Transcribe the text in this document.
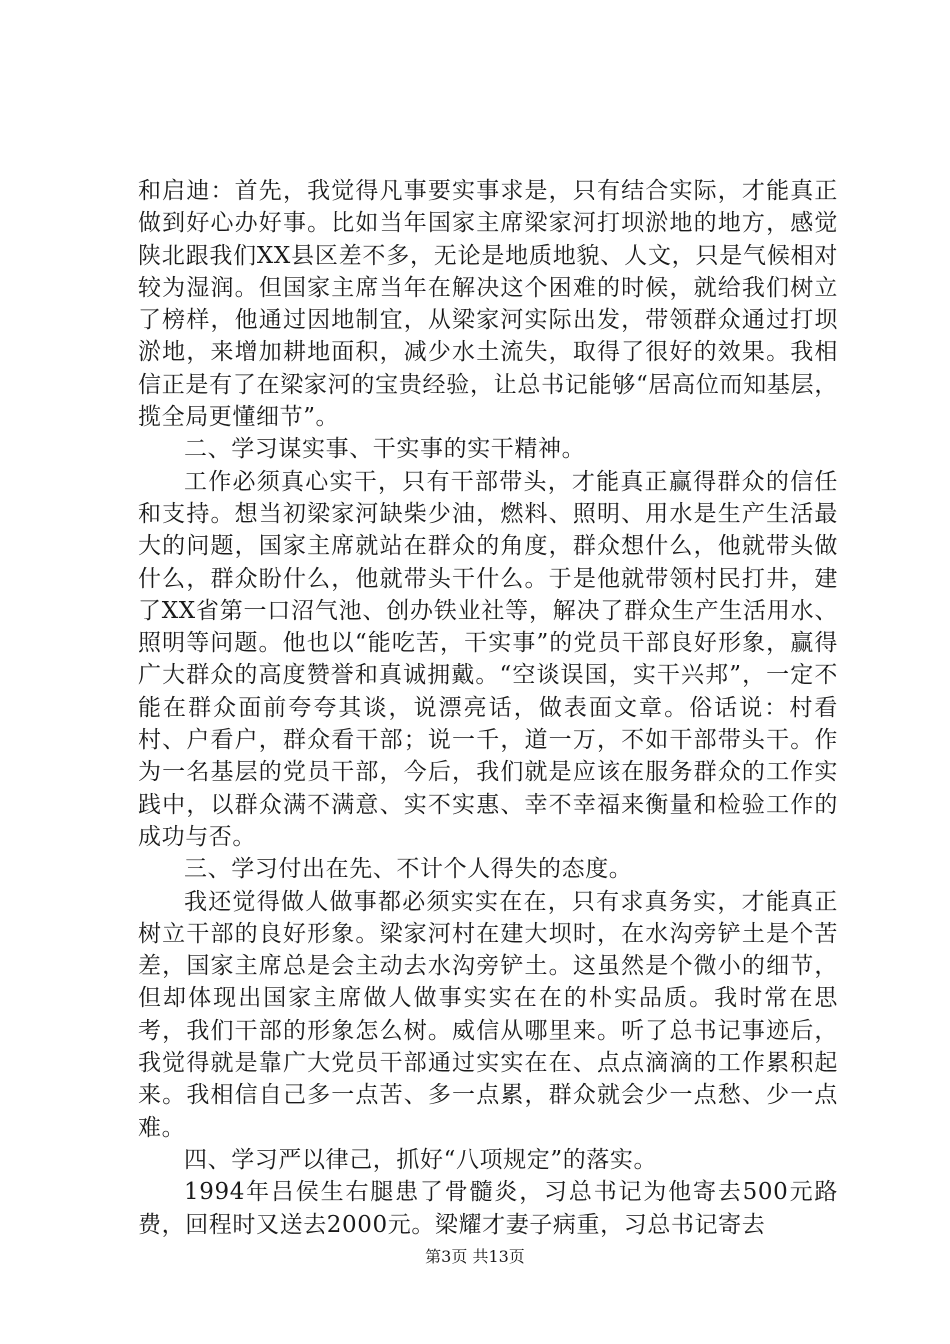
和启迪：首先，我觉得凡事要实事求是，只有结合实际，才能真正做到好心办好事。比如当年国家主席梁家河打坝淤地的地方，感觉陕北跟我们XX县区差不多，无论是地质地貌、人文，只是气候相对较为湿润。但国家主席当年在解决这个困难的时候，就给我们树立了榜样，他通过因地制宜，从梁家河实际出发，带领群众通过打坝淤地，来增加耕地面积，减少水土流失，取得了很好的效果。我相信正是有了在梁家河的宝贵经验，让总书记能够“居高位而知基层，揽全局更懂细节”。

二、学习谋实事、干实事的实干精神。

工作必须真心实干，只有干部带头，才能真正赢得群众的信任和支持。想当初梁家河缺柴少油，燃料、照明、用水是生产生活最大的问题，国家主席就站在群众的角度，群众想什么，他就带头做什么，群众盼什么，他就带头干什么。于是他就带领村民打井，建了XX省第一口沼气池、创办铁业社等，解决了群众生产生活用水、照明等问题。他也以“能吃苦，干实事”的党员干部良好形象，赢得广大群众的高度赞誉和真诚拥戴。“空谈误国，实干兴邦”，一定不能在群众面前夸夸其谈，说漂亮话，做表面文章。俗话说：村看村、户看户，群众看干部；说一千，道一万，不如干部带头干。作为一名基层的党员干部，今后，我们就是应该在服务群众的工作实践中，以群众满不满意、实不实惠、幸不幸福来衡量和检验工作的成功与否。

三、学习付出在先、不计个人得失的态度。

我还觉得做人做事都必须实实在在，只有求真务实，才能真正树立干部的良好形象。梁家河村在建大坝时，在水沟旁铲土是个苦差，国家主席总是会主动去水沟旁铲土。这虽然是个微小的细节，但却体现出国家主席做人做事实实在在的朴实品质。我时常在思考，我们干部的形象怎么树。威信从哪里来。听了总书记事迹后，我觉得就是靠广大党员干部通过实实在在、点点滴滴的工作累积起来。我相信自己多一点苦、多一点累，群众就会少一点愁、少一点难。

四、学习严以律己，抓好“八项规定”的落实。

1994年吕侯生右腿患了骨髓炎，习总书记为他寄去500元路费，回程时又送去2000元。梁耀才妻子病重，习总书记寄去

第3页 共13页
